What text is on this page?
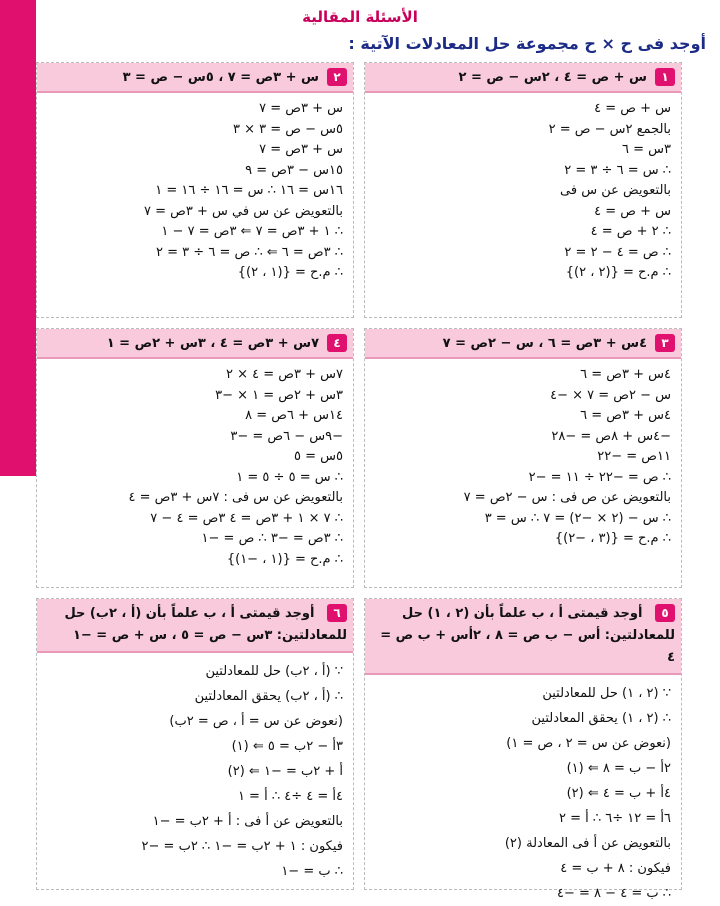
الأسئلة المقالية
أوجد فى ح × ح مجموعة حل المعادلات الآتية :
١
س + ص = ٤ ، ٢س − ص = ٢
س + ص = ٤
بالجمع ٢س − ص = ٢
٣س = ٦
∴ س = ٦ ÷ ٣ = ٢
بالتعويض عن س فى
س + ص = ٤
∴ ٢ + ص = ٤
∴ ص = ٤ − ٢ = ٢
∴ م.ح = {(٢ ، ٢)}
٢
س + ٣ص = ٧ ، ٥س − ص = ٣
س + ٣ص = ٧
٥س − ص = ٣ × ٣
س + ٣ص = ٧
١٥س − ٣ص = ٩
١٦س = ١٦ ∴ س = ١٦ ÷ ١٦ = ١
بالتعويض عن س في س + ٣ص = ٧
∴ ١ + ٣ص = ٧ ⇐ ٣ص = ٧ − ١
∴ ٣ص = ٦ ⇐ ∴ ص = ٦ ÷ ٣ = ٢
∴ م.ح = {(١ ، ٢)}
٣
٤س + ٣ص = ٦ ، س − ٢ص = ٧
٤س + ٣ص = ٦
س − ٢ص = ٧ × −٤
٤س + ٣ص = ٦
−٤س + ٨ص = −٢٨
١١ص = −٢٢
∴ ص = −٢٢ ÷ ١١ = −٢
بالتعويض عن ص فى : س − ٢ص = ٧
∴ س − (٢ × −٢) = ٧ ∴ س = ٣
∴ م.ح = {(٣ ، −٢)}
٤
٧س + ٣ص = ٤ ، ٣س + ٢ص = ١
٧س + ٣ص = ٤ × ٢
٣س + ٢ص = ١ × −٣
١٤س + ٦ص = ٨
−٩س − ٦ص = −٣
٥س = ٥
∴ س = ٥ ÷ ٥ = ١
بالتعويض عن س فى : ٧س + ٣ص = ٤
∴ ٧ × ١ + ٣ص = ٤ ٣ص = ٤ − ٧
∴ ٣ص = −٣ ∴ ص = −١
∴ م.ح = {(١ ، −١)}
٥ أوجد قيمتى أ ، ب علماً بأن (٢ ، ١) حل للمعادلتين: أس − ب ص = ٨ ، ٢أس + ب ص = ٤
∵ (٢ ، ١) حل للمعادلتين
∴ (٢ ، ١) يحقق المعادلتين
(نعوض عن س = ٢ ، ص = ١)
٢أ − ب = ٨ ⇐ (١)
٤أ + ب = ٤ ⇐ (٢)
٦أ = ١٢ ÷٦ ∴ أ = ٢
بالتعويض عن أ فى المعادلة (٢)
فيكون : ٨ + ب = ٤
∴ ب = ٤ − ٨ = −٤
٦ أوجد قيمتى أ ، ب علماً بأن (أ ، ٢ب) حل للمعادلتين: ٣س − ص = ٥ ، س + ص = −١
∵ (أ ، ٢ب) حل للمعادلتين
∴ (أ ، ٢ب) يحقق المعادلتين
(نعوض عن س = أ ، ص = ٢ب)
٣أ − ٢ب = ٥ ⇐ (١)
أ + ٢ب = −١ ⇐ (٢)
٤أ = ٤ ÷٤ ∴ أ = ١
بالتعويض عن أ فى : أ + ٢ب = −١
فيكون : ١ + ٢ب = −١ ∴ ٢ب = −٢
∴ ب = −١
